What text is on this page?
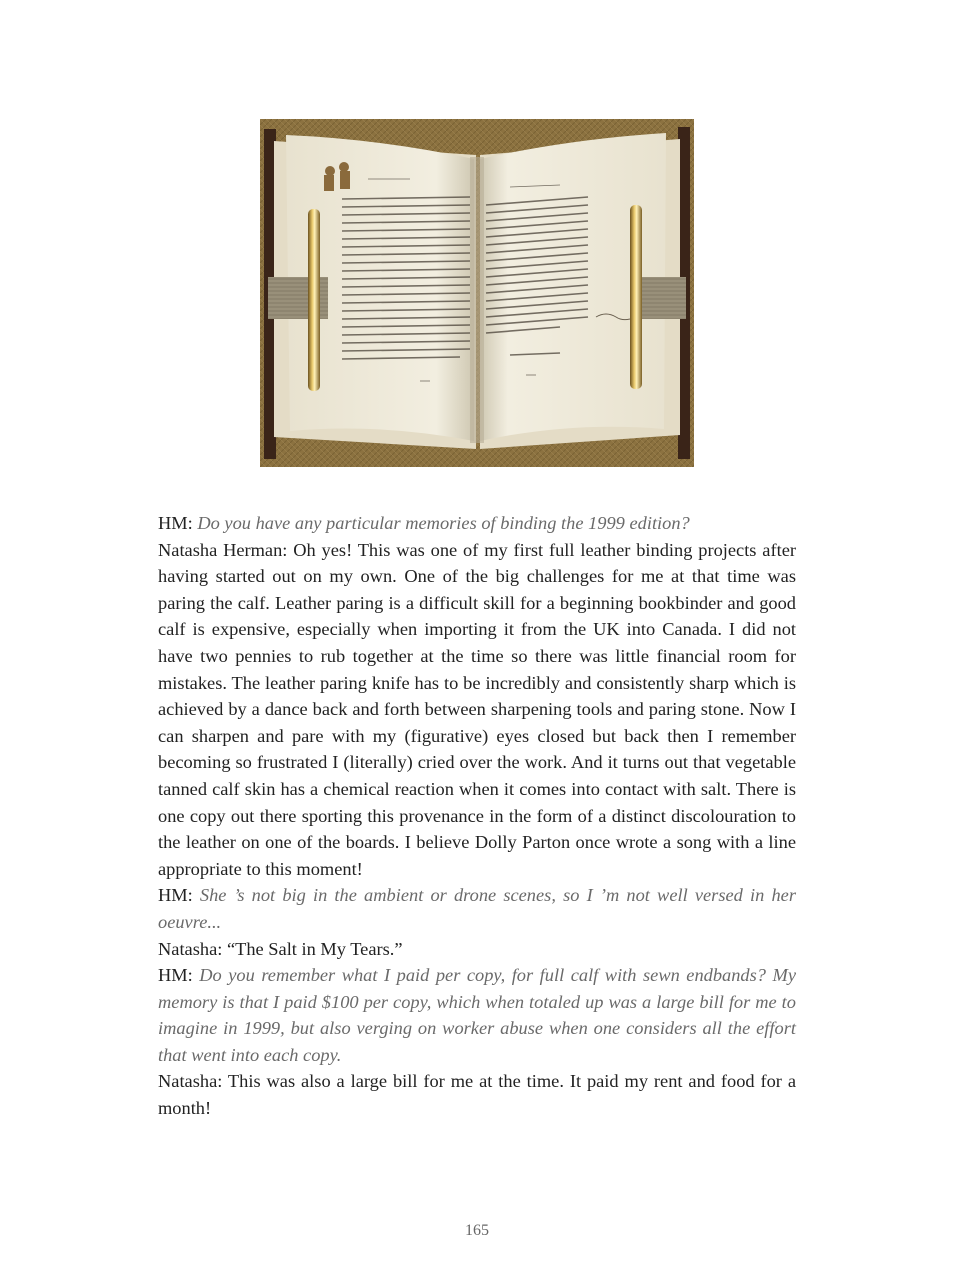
HM: Do you have any particular memories of binding the 1999 edition?

Natasha Herman: Oh yes! This was one of my first full leather binding projects after having started out on my own. One of the big challenges for me at that time was paring the calf. Leather paring is a difficult skill for a beginning bookbinder and good calf is expensive, especially when importing it from the UK into Canada. I did not have two pennies to rub together at the time so there was little financial room for mistakes. The leather paring knife has to be incredibly and consistently sharp which is achieved by a dance back and forth between sharpening tools and paring stone. Now I can sharpen and pare with my (figurative) eyes closed but back then I remember becoming so frustrated I (literally) cried over the work. And it turns out that vegetable tanned calf skin has a chemical reaction when it comes into contact with salt. There is one copy out there sporting this provenance in the form of a distinct discolouration to the leather on one of the boards. I believe Dolly Parton once wrote a song with a line appropriate to this moment!

HM: She ’s not big in the ambient or drone scenes, so I ’m not well versed in her oeuvre...

Natasha: “The Salt in My Tears.”

HM: Do you remember what I paid per copy, for full calf with sewn endbands? My memory is that I paid $100 per copy, which when totaled up was a large bill for me to imagine in 1999, but also verging on worker abuse when one considers all the effort that went into each copy.

Natasha: This was also a large bill for me at the time. It paid my rent and food for a month!

165
